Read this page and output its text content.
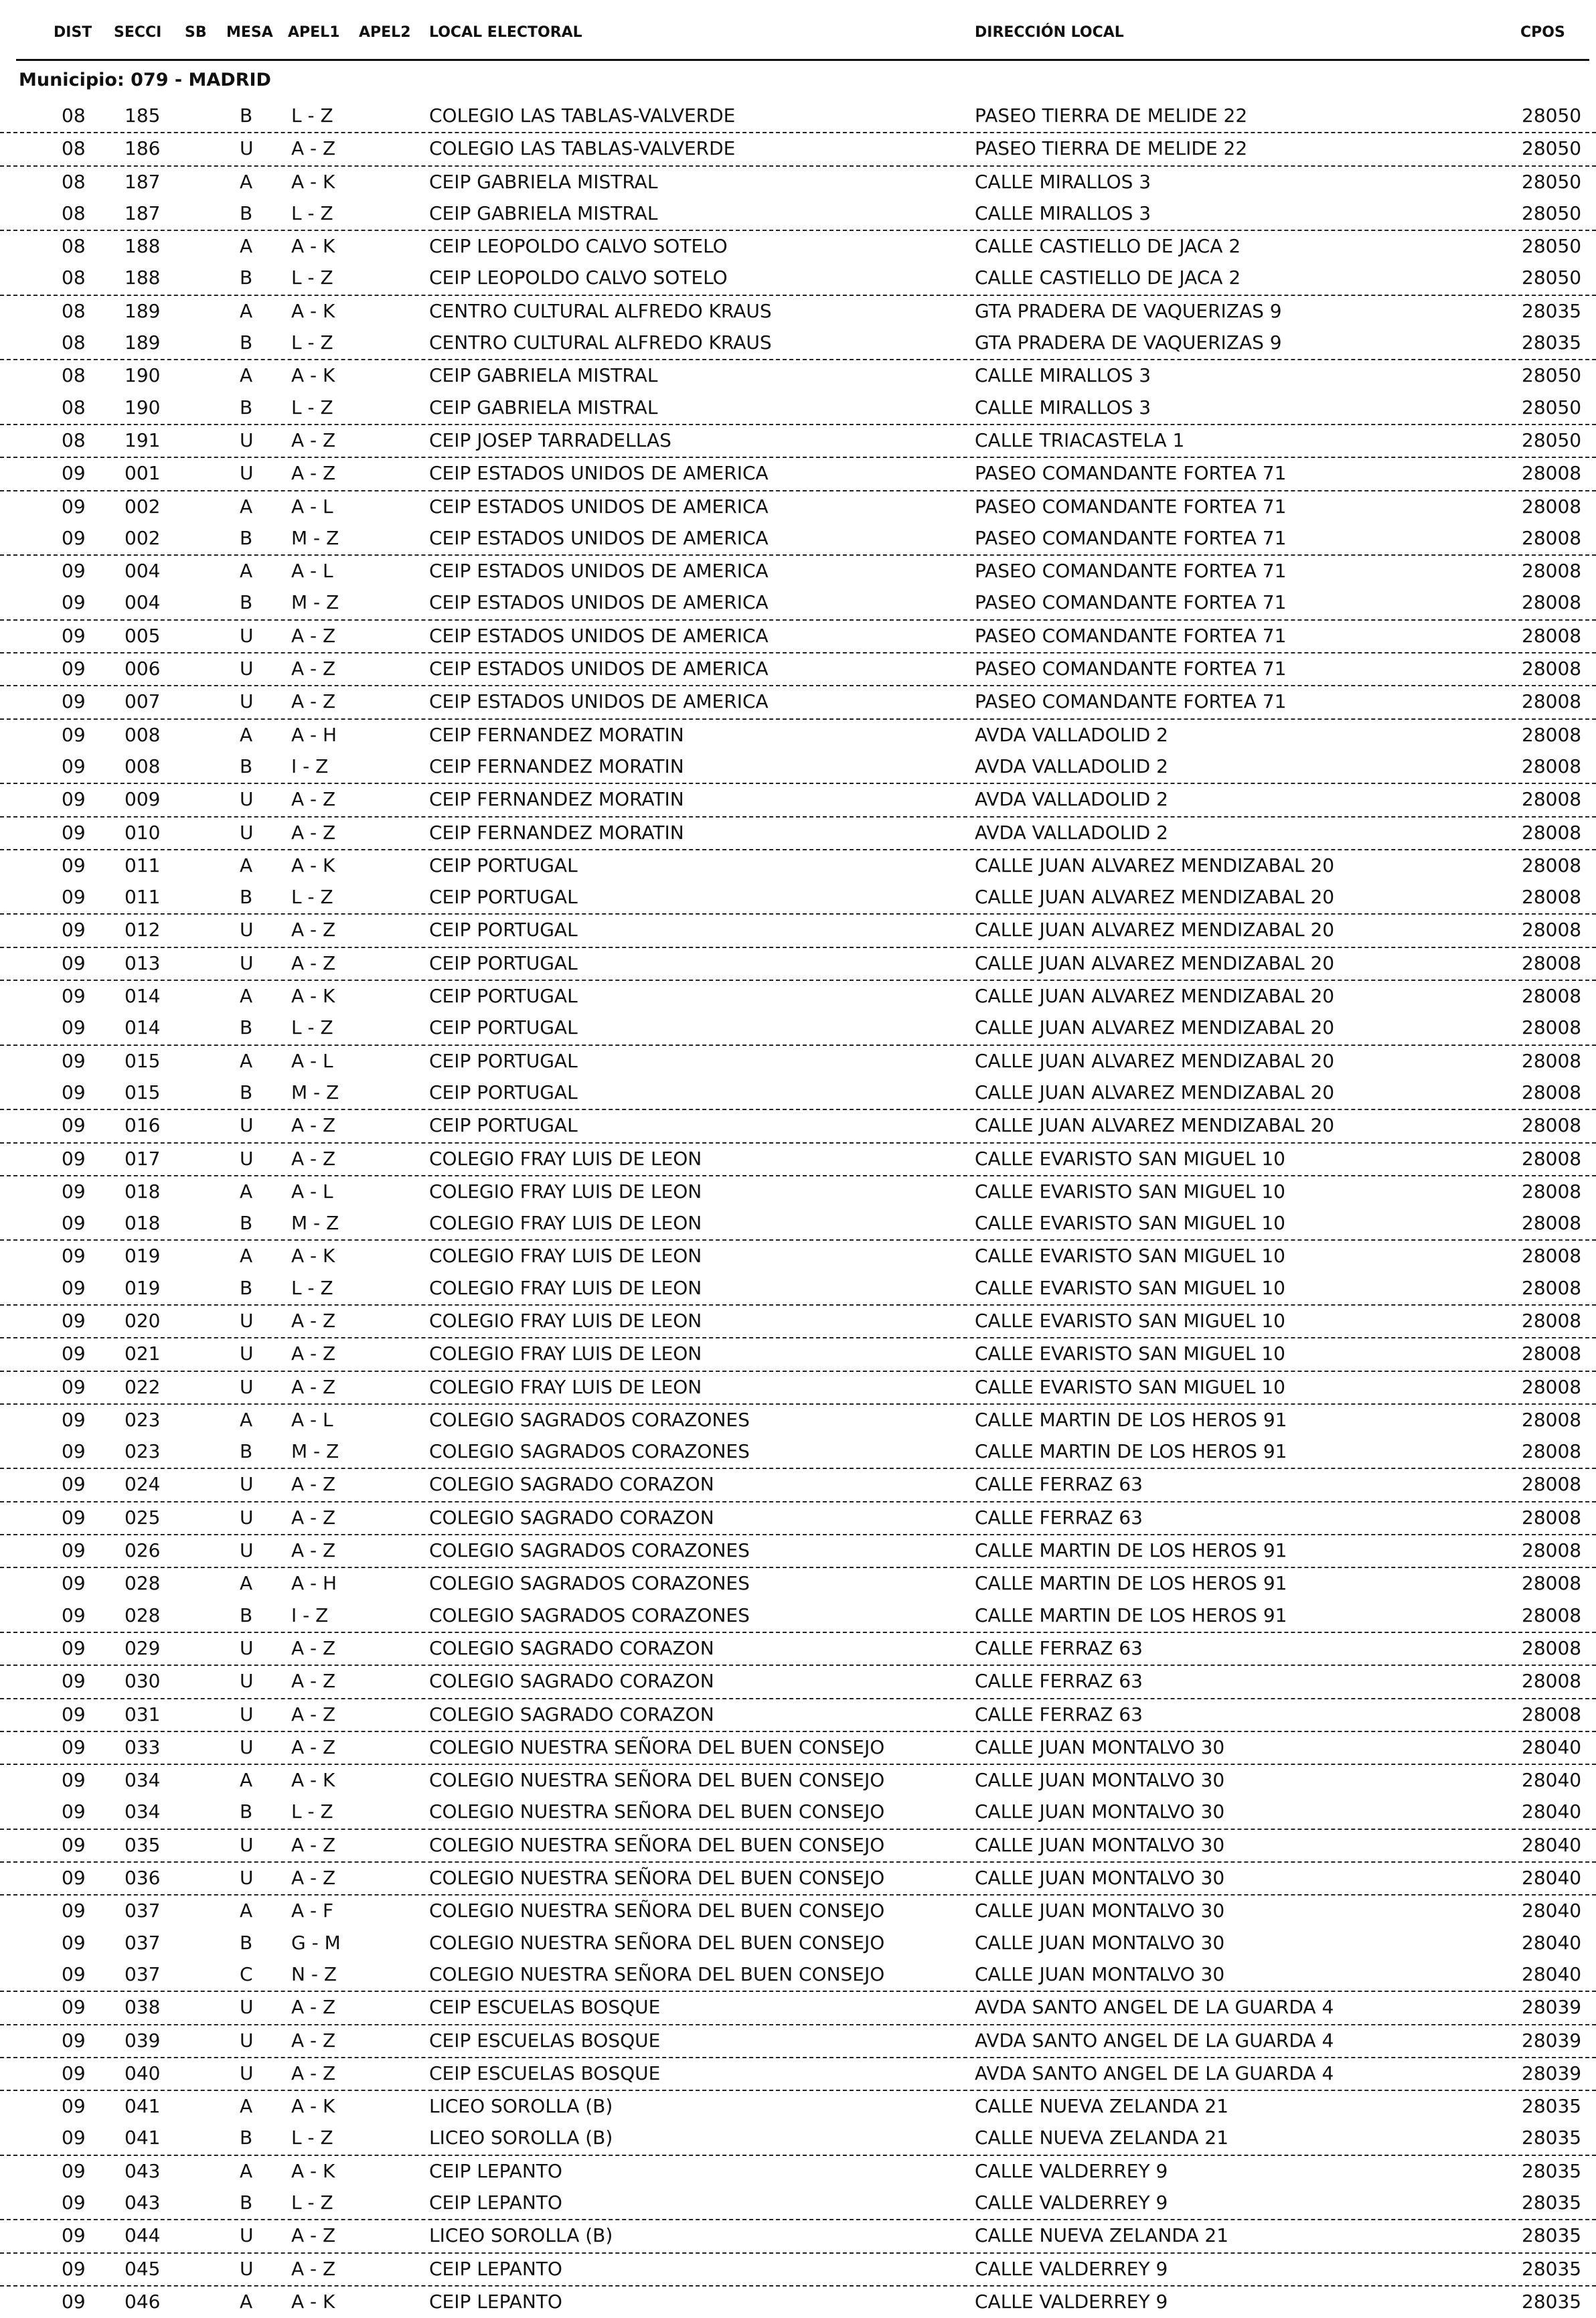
DIST SECCI SB MESA APEL1 APEL2 LOCAL ELECTORAL	DIRECCIÓN LOCAL	CPOS
Municipio: 079 - MADRID
08 185	B L - Z	COLEGIO LAS TABLAS-VALVERDE	PASEO TIERRA DE MELIDE 22	28050
08 186	U A - Z	COLEGIO LAS TABLAS-VALVERDE	PASEO TIERRA DE MELIDE 22	28050
08 187	A A - K	CEIP GABRIELA MISTRAL	CALLE MIRALLOS 3	28050
08 187	B L - Z	CEIP GABRIELA MISTRAL	CALLE MIRALLOS 3	28050
08 188	A A - K	CEIP LEOPOLDO CALVO SOTELO	CALLE CASTIELLO DE JACA 2	28050
08 188	B L - Z	CEIP LEOPOLDO CALVO SOTELO	CALLE CASTIELLO DE JACA 2	28050
08 189	A A - K	CENTRO CULTURAL ALFREDO KRAUS	GTA PRADERA DE VAQUERIZAS 9	28035
08 189	B L - Z	CENTRO CULTURAL ALFREDO KRAUS	GTA PRADERA DE VAQUERIZAS 9	28035
08 190	A A - K	CEIP GABRIELA MISTRAL	CALLE MIRALLOS 3	28050
08 190	B L - Z	CEIP GABRIELA MISTRAL	CALLE MIRALLOS 3	28050
08 191	U A - Z	CEIP JOSEP TARRADELLAS	CALLE TRIACASTELA 1	28050
09 001	U A - Z	CEIP ESTADOS UNIDOS DE AMERICA	PASEO COMANDANTE FORTEA 71	28008
09 002	A A - L	CEIP ESTADOS UNIDOS DE AMERICA	PASEO COMANDANTE FORTEA 71	28008
09 002	B M - Z	CEIP ESTADOS UNIDOS DE AMERICA	PASEO COMANDANTE FORTEA 71	28008
09 004	A A - L	CEIP ESTADOS UNIDOS DE AMERICA	PASEO COMANDANTE FORTEA 71	28008
09 004	B M - Z	CEIP ESTADOS UNIDOS DE AMERICA	PASEO COMANDANTE FORTEA 71	28008
09 005	U A - Z	CEIP ESTADOS UNIDOS DE AMERICA	PASEO COMANDANTE FORTEA 71	28008
09 006	U A - Z	CEIP ESTADOS UNIDOS DE AMERICA	PASEO COMANDANTE FORTEA 71	28008
09 007	U A - Z	CEIP ESTADOS UNIDOS DE AMERICA	PASEO COMANDANTE FORTEA 71	28008
09 008	A A - H	CEIP FERNANDEZ MORATIN	AVDA VALLADOLID 2	28008
09 008	B I - Z	CEIP FERNANDEZ MORATIN	AVDA VALLADOLID 2	28008
09 009	U A - Z	CEIP FERNANDEZ MORATIN	AVDA VALLADOLID 2	28008
09 010	U A - Z	CEIP FERNANDEZ MORATIN	AVDA VALLADOLID 2	28008
09 011	A A - K	CEIP PORTUGAL	CALLE JUAN ALVAREZ MENDIZABAL 20	28008
09 011	B L - Z	CEIP PORTUGAL	CALLE JUAN ALVAREZ MENDIZABAL 20	28008
09 012	U A - Z	CEIP PORTUGAL	CALLE JUAN ALVAREZ MENDIZABAL 20	28008
09 013	U A - Z	CEIP PORTUGAL	CALLE JUAN ALVAREZ MENDIZABAL 20	28008
09 014	A A - K	CEIP PORTUGAL	CALLE JUAN ALVAREZ MENDIZABAL 20	28008
09 014	B L - Z	CEIP PORTUGAL	CALLE JUAN ALVAREZ MENDIZABAL 20	28008
09 015	A A - L	CEIP PORTUGAL	CALLE JUAN ALVAREZ MENDIZABAL 20	28008
09 015	B M - Z	CEIP PORTUGAL	CALLE JUAN ALVAREZ MENDIZABAL 20	28008
09 016	U A - Z	CEIP PORTUGAL	CALLE JUAN ALVAREZ MENDIZABAL 20	28008
09 017	U A - Z	COLEGIO FRAY LUIS DE LEON	CALLE EVARISTO SAN MIGUEL 10	28008
09 018	A A - L	COLEGIO FRAY LUIS DE LEON	CALLE EVARISTO SAN MIGUEL 10	28008
09 018	B M - Z	COLEGIO FRAY LUIS DE LEON	CALLE EVARISTO SAN MIGUEL 10	28008
09 019	A A - K	COLEGIO FRAY LUIS DE LEON	CALLE EVARISTO SAN MIGUEL 10	28008
09 019	B L - Z	COLEGIO FRAY LUIS DE LEON	CALLE EVARISTO SAN MIGUEL 10	28008
09 020	U A - Z	COLEGIO FRAY LUIS DE LEON	CALLE EVARISTO SAN MIGUEL 10	28008
09 021	U A - Z	COLEGIO FRAY LUIS DE LEON	CALLE EVARISTO SAN MIGUEL 10	28008
09 022	U A - Z	COLEGIO FRAY LUIS DE LEON	CALLE EVARISTO SAN MIGUEL 10	28008
09 023	A A - L	COLEGIO SAGRADOS CORAZONES	CALLE MARTIN DE LOS HEROS 91	28008
09 023	B M - Z	COLEGIO SAGRADOS CORAZONES	CALLE MARTIN DE LOS HEROS 91	28008
09 024	U A - Z	COLEGIO SAGRADO CORAZON	CALLE FERRAZ 63	28008
09 025	U A - Z	COLEGIO SAGRADO CORAZON	CALLE FERRAZ 63	28008
09 026	U A - Z	COLEGIO SAGRADOS CORAZONES	CALLE MARTIN DE LOS HEROS 91	28008
09 028	A A - H	COLEGIO SAGRADOS CORAZONES	CALLE MARTIN DE LOS HEROS 91	28008
09 028	B I - Z	COLEGIO SAGRADOS CORAZONES	CALLE MARTIN DE LOS HEROS 91	28008
09 029	U A - Z	COLEGIO SAGRADO CORAZON	CALLE FERRAZ 63	28008
09 030	U A - Z	COLEGIO SAGRADO CORAZON	CALLE FERRAZ 63	28008
09 031	U A - Z	COLEGIO SAGRADO CORAZON	CALLE FERRAZ 63	28008
09 033	U A - Z	COLEGIO NUESTRA SEÑORA DEL BUEN CONSEJO	CALLE JUAN MONTALVO 30	28040
09 034	A A - K	COLEGIO NUESTRA SEÑORA DEL BUEN CONSEJO	CALLE JUAN MONTALVO 30	28040
09 034	B L - Z	COLEGIO NUESTRA SEÑORA DEL BUEN CONSEJO	CALLE JUAN MONTALVO 30	28040
09 035	U A - Z	COLEGIO NUESTRA SEÑORA DEL BUEN CONSEJO	CALLE JUAN MONTALVO 30	28040
09 036	U A - Z	COLEGIO NUESTRA SEÑORA DEL BUEN CONSEJO	CALLE JUAN MONTALVO 30	28040
09 037	A A - F	COLEGIO NUESTRA SEÑORA DEL BUEN CONSEJO	CALLE JUAN MONTALVO 30	28040
09 037	B G - M	COLEGIO NUESTRA SEÑORA DEL BUEN CONSEJO	CALLE JUAN MONTALVO 30	28040
09 037	C N - Z	COLEGIO NUESTRA SEÑORA DEL BUEN CONSEJO	CALLE JUAN MONTALVO 30	28040
09 038	U A - Z	CEIP ESCUELAS BOSQUE	AVDA SANTO ANGEL DE LA GUARDA 4	28039
09 039	U A - Z	CEIP ESCUELAS BOSQUE	AVDA SANTO ANGEL DE LA GUARDA 4	28039
09 040	U A - Z	CEIP ESCUELAS BOSQUE	AVDA SANTO ANGEL DE LA GUARDA 4	28039
09 041	A A - K	LICEO SOROLLA (B)	CALLE NUEVA ZELANDA 21	28035
09 041	B L - Z	LICEO SOROLLA (B)	CALLE NUEVA ZELANDA 21	28035
09 043	A A - K	CEIP LEPANTO	CALLE VALDERREY 9	28035
09 043	B L - Z	CEIP LEPANTO	CALLE VALDERREY 9	28035
09 044	U A - Z	LICEO SOROLLA (B)	CALLE NUEVA ZELANDA 21	28035
09 045	U A - Z	CEIP LEPANTO	CALLE VALDERREY 9	28035
09 046	A A - K	CEIP LEPANTO	CALLE VALDERREY 9	28035
